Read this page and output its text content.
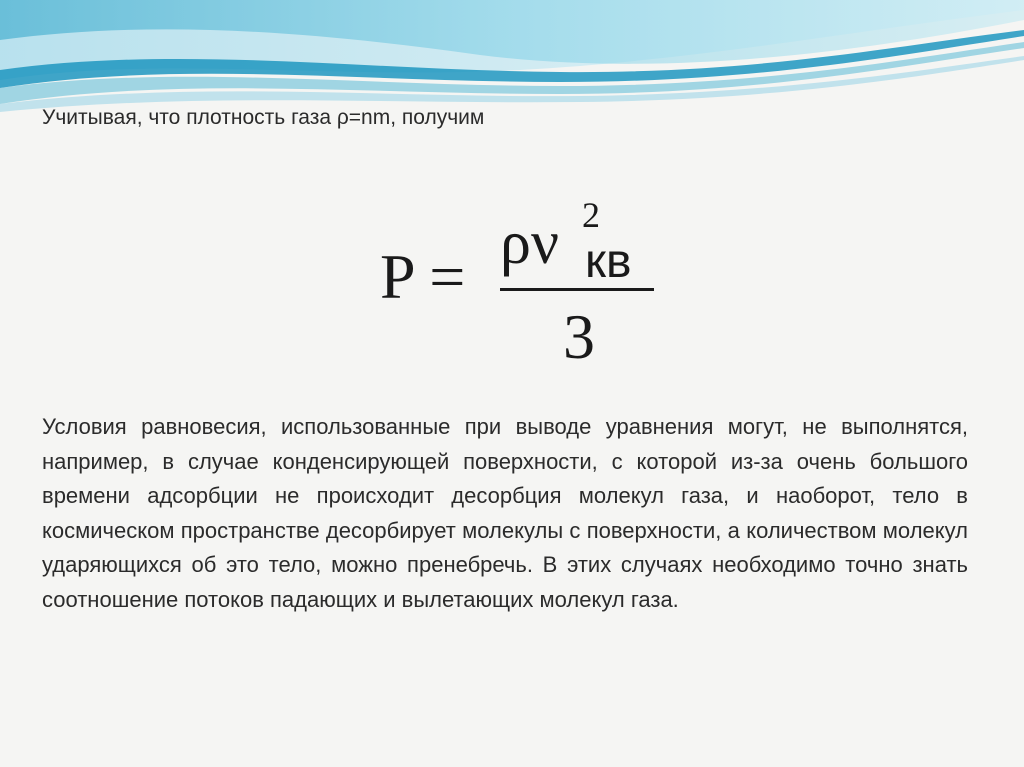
Учитывая, что плотность газа ρ=nm, получим
P = ρν 2
кв
3
Условия равновесия, использованные при выводе уравнения могут, не выполнятся, например, в случае конденсирующей поверхности, с которой из-за очень большого времени адсорбции не происходит десорбция молекул газа, и наоборот, тело в космическом пространстве десорбирует молекулы с поверхности, а количеством молекул ударяющихся об это тело, можно пренебречь. В этих случаях необходимо точно знать соотношение потоков падающих и вылетающих молекул газа.
